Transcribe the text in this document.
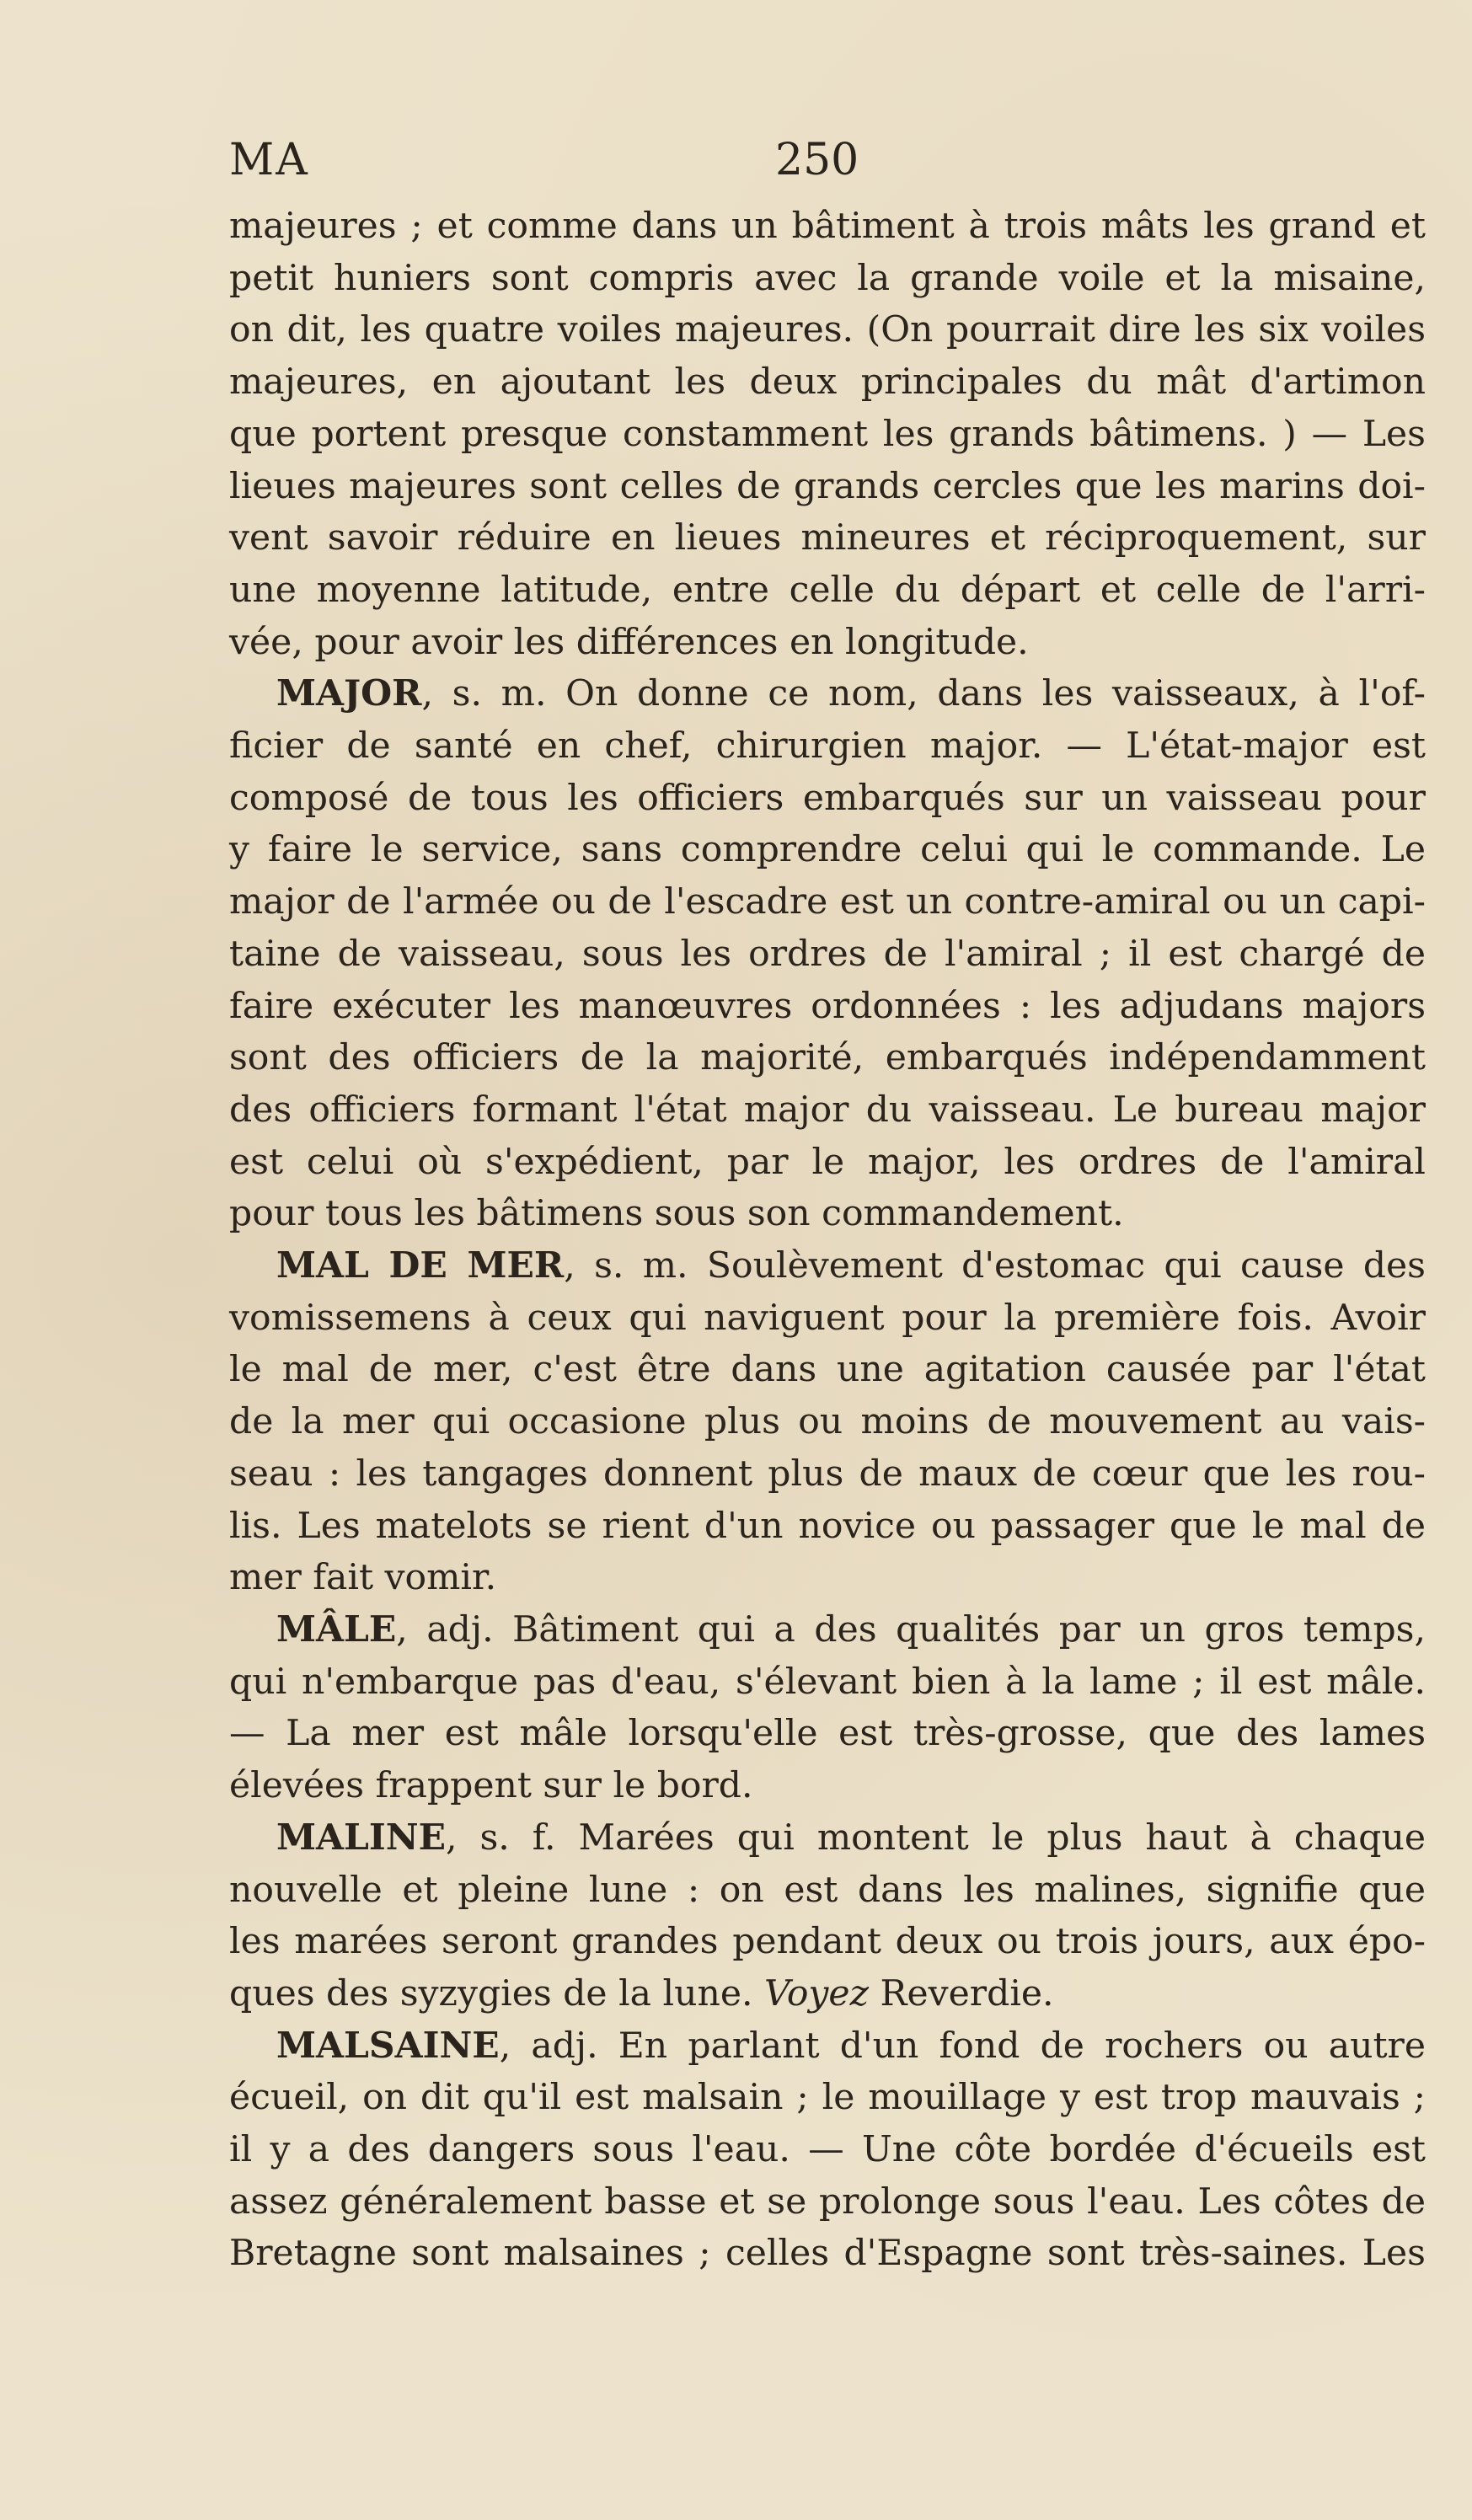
MA	250
majeures ; et comme dans un bâtiment à trois mâts les grand et
petit huniers sont compris avec la grande voile et la misaine,
on dit, les quatre voiles majeures. (On pourrait dire les six voiles
majeures, en ajoutant les deux principales du mât d'artimon
que portent presque constamment les grands bâtimens. ) — Les
lieues majeures sont celles de grands cercles que les marins doi-
vent savoir réduire en lieues mineures et réciproquement, sur
une moyenne latitude, entre celle du départ et celle de l'arri-
vée, pour avoir les différences en longitude.
MAJOR, s. m. On donne ce nom, dans les vaisseaux, à l'of-
ficier de santé en chef, chirurgien major. — L'état-major est
composé de tous les officiers embarqués sur un vaisseau pour
y faire le service, sans comprendre celui qui le commande. Le
major de l'armée ou de l'escadre est un contre-amiral ou un capi-
taine de vaisseau, sous les ordres de l'amiral ; il est chargé de
faire exécuter les manœuvres ordonnées : les adjudans majors
sont des officiers de la majorité, embarqués indépendamment
des officiers formant l'état major du vaisseau. Le bureau major
est celui où s'expédient, par le major, les ordres de l'amiral
pour tous les bâtimens sous son commandement.
MAL DE MER, s. m. Soulèvement d'estomac qui cause des
vomissemens à ceux qui naviguent pour la première fois. Avoir
le mal de mer, c'est être dans une agitation causée par l'état
de la mer qui occasione plus ou moins de mouvement au vais-
seau : les tangages donnent plus de maux de cœur que les rou-
lis. Les matelots se rient d'un novice ou passager que le mal de
mer fait vomir.
MÂLE, adj. Bâtiment qui a des qualités par un gros temps,
qui n'embarque pas d'eau, s'élevant bien à la lame ; il est mâle.
— La mer est mâle lorsqu'elle est très-grosse, que des lames
élevées frappent sur le bord.
MALINE, s. f. Marées qui montent le plus haut à chaque
nouvelle et pleine lune : on est dans les malines, signifie que
les marées seront grandes pendant deux ou trois jours, aux épo-
ques des syzygies de la lune. Voyez Reverdie.
MALSAINE, adj. En parlant d'un fond de rochers ou autre
écueil, on dit qu'il est malsain ; le mouillage y est trop mauvais ;
il y a des dangers sous l'eau. — Une côte bordée d'écueils est
assez généralement basse et se prolonge sous l'eau. Les côtes de
Bretagne sont malsaines ; celles d'Espagne sont très-saines. Les
